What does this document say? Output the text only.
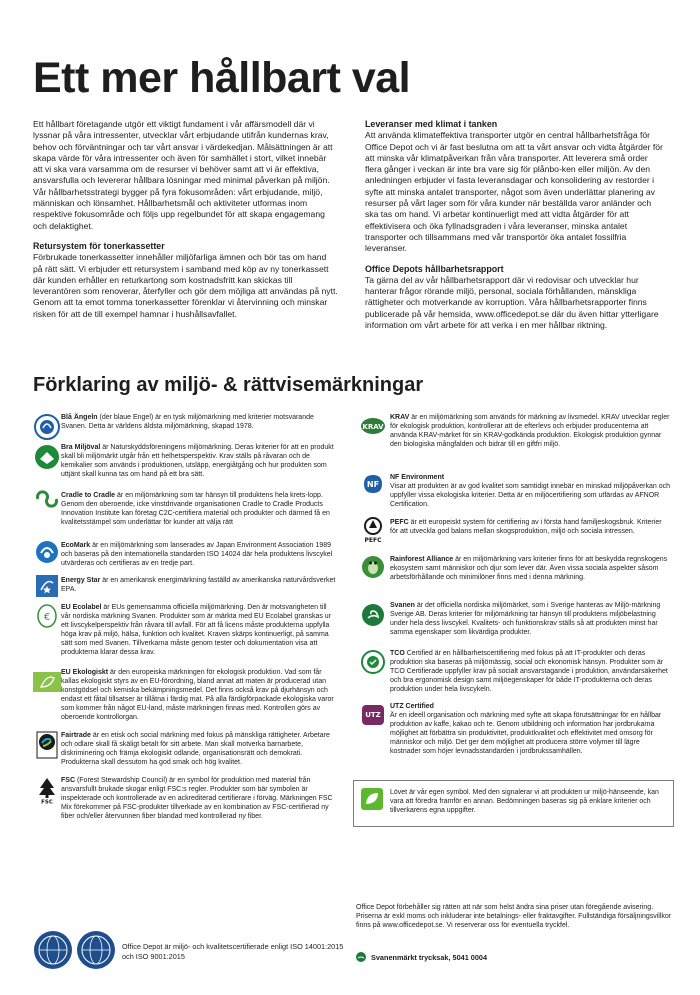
Ett mer hållbart val

Ett hållbart företagande utgör ett viktigt fundament i vår affärsmodell där vi lyssnar på våra intressenter, utvecklar vårt erbjudande utifrån kundernas krav, behov och förväntningar och tar vårt ansvar i värdekedjan. Målsättningen är att skapa värde för våra intressenter och även för samhället i stort, vilket innebär att vi ska vara varsamma om de resurser vi behöver samt att vi är effektiva, ansvarsfulla och levererar hållbara lösningar med minimal påverkan på miljön. Vår hållbarhetsstrategi bygger på fyra fokusområden: vårt erbjudande, miljö, människan och lönsamhet. Hållbarhetsmål och aktiviteter utformas inom respektive fokusområde och följs upp regelbundet för att skapa engagemang och delaktighet.

Retursystem för tonerkassetter

Förbrukade tonerkassetter innehåller miljöfarliga ämnen och bör tas om hand på rätt sätt. Vi erbjuder ett retursystem i samband med köp av ny tonerkassett där kunden erhåller en returkartong som kostnadsfritt kan skickas till leverantören som renoverar, återfyller och gör dem möjliga att användas på nytt. Genom att ta emot tomma tonerkassetter förenklar vi återvinning och minskar risken för att de till exempel hamnar i hushållsavfallet.

Leveranser med klimat i tanken

Att använda klimateffektiva transporter utgör en central hållbarhetsfråga för Office Depot och vi är fast beslutna om att ta vårt ansvar och vidta åtgärder för att minska vår klimatpåverkan från våra transporter. Att leverera små order flera gånger i veckan är inte bra vare sig för plånbo-ken eller miljön. Av den anledningen erbjuder vi fasta leveransdagar och konsolidering av restorder i syfte att minska antalet transporter, något som även underlättar planering av resurser på vårt lager som för våra kunder när beställda varor anländer och ska tas om hand. Vi arbetar kontinuerligt med att vidta åtgärder för att effektivisera och öka fyllnadsgraden i våra leveranser, minska antalet transporter och tillsammans med vår transportör öka antalet fossilfria leveranser.

Office Depots hållbarhetsrapport

Ta gärna del av vår hållbarhetsrapport där vi redovisar och utvecklar hur hanterar frågor rörande miljö, personal, sociala förhållanden, mänskliga rättigheter och motverkande av korruption. Våra hållbarhetsrapporter finns publicerade på vår hemsida, www.officedepot.se där du även hittar ytterligare information om vårt arbete för att verka i en mer hållbar riktning.

Förklaring av miljö- & rättvisemärkningar
Blå Ängeln (der blaue Engel) är en tysk miljömärkning med kriterier motsvarande Svanen. Detta är världens äldsta miljömärkning, skapad 1978.
Bra Miljöval är Naturskyddsföreningens miljömärkning. Deras kriterier för att en produkt skall bli miljömärkt utgår från ett helhetsperspektiv. Krav ställs på råvaran och de kemikalier som används i produktionen, utsläpp, energiåtgång och hur produkten som uttjänt skall kunna tas om hand på ett bra sätt.
Cradle to Cradle är en miljömärkning som tar hänsyn till produktens hela krets-lopp. Genom den oberoende, icke vinstdrivande organisationen Cradle to Cradle Products Innovation Institute kan företag C2C-certifiera material och produkter och därmed få en kvalitetsstämpel som underlättar för kunder att välja rätt
EcoMark är en miljömärkning som lanserades av Japan Environment Association 1989 och baseras på den internationella standarden ISO 14024 där hela produktens livscykel utvärderas och certifieras av en tredje part.
Energy Star är en amerikansk energimärkning faställd av amerikanska naturvårdsverket EPA.
€
EU Ecolabel är EUs gemensamma officiella miljömärkning. Den är motsvarigheten till vår nordiska märkning Svanen. Produkter som är märkta med EU Ecolabel granskas ur ett livscykelperspektiv från råvara till avfall. För att få licens måste produkterna uppfylla höga krav på miljö, hälsa, funktion och kvalitet. Kraven skärps kontinuerligt, på samma sätt som med Svanen. Tillverkarna måste genom tester och dokumentation visa att produkterna klarar dessa krav.
EU Ekologiskt är den europeiska märkningen för ekologisk produktion. Vad som får kallas ekologiskt styrs av en EU-förordning, bland annat att maten är producerad utan konstgödsel och kemiska bekämpningsmedel. Det finns också krav på djurhänsyn och endast ett fåtal tillsatser är tillåtna i färdig mat. På alla färdigförpackade ekologiska varor som kommer från något EU-land, måste märkningen finnas med. Kontrollen görs av oberoende kontrollorgan.
Fairtrade är en etisk och social märkning med fokus på mänskliga rättigheter. Arbetare och odlare skall få skäligt betalt för sitt arbete. Man skall motverka barnarbete, diskriminering och främja ekologiskt odlande, organisationsrätt och demokrati. Produkterna skall dessutom ha god smak och hög kvalitet.
FSC
FSC (Forest Stewardship Council) är en symbol för produktion med material från ansvarsfullt brukade skogar enligt FSC:s regler. Produkter som bär symbolen är inspekterade och kontrollerade av en ackrediterad certifierare i förväg. Märkningen FSC Mix förekommer på FSC-produkter tillverkade av en kombination av FSC-certifierad ny fiber och/eller återvunnen fiber blandad med kontrollerad ny fiber.
KRAV
KRAV är en miljömärkning som används för märkning av livsmedel. KRAV utvecklar regler för ekologisk produktion, kontrollerar att de efterlevs och erbjuder producenterna att använda KRAV-märket för sin KRAV-godkända produktion. Ekologisk produktion gynnar den biologiska mångfalden och bidrar till en giftfri miljö.
NF
NF Environment
Visar att produkten är av god kvalitet som samtidigt innebär en minskad miljöpåverkan och uppfyller vissa ekologiska kriterier. Detta är en miljöcertifiering som utfärdas av AFNOR Certification.
PEFC
PEFC är ett europeiskt system för certifiering av i första hand familjeskogsbruk. Kriterier för att utveckla god balans mellan skogsproduktion, miljö och sociala intressen.
Rainforest Alliance är en miljömärkning vars kriterier finns för att beskydda regnskogens ekosystem samt människor och djur som lever där. Även vissa sociala aspekter såsom arbetsförhållande och minimilöner finns med i denna märkning.
Svanen är det officiella nordiska miljömärket, som i Sverige hanteras av Miljö-märkning Sverige AB. Deras kriterier för miljömärkning tar hänsyn till produktens miljöbelastning under hela dess livscykel. Kvalitets- och funktionskrav ställs så att produkten minst har samma egenskaper som likvärdiga produkter.
TCO Certified är en hållbarhetscertifiering med fokus på att IT-produkter och deras produktion ska baseras på miljömässig, social och ekonomisk hänsyn. Produkter som är TCO Certifierade uppfyller krav på socialt ansvarstagande i produktion, användarsäkerhet och bra ergonomisk design samt miljöegenskaper för både IT-produkterna och deras produktion under hela livscykeln.
UTZ
UTZ Certified
Är en ideell organisation och märkning med syfte att skapa förutsättningar för en hållbar produktion av kaffe, kakao och te. Genom utbildning och information har jordbrukarna möjlighet att förbättra sin produktivitet, produktkvalitet och effektivitet med omsorg för människor och miljö. Det ger dem möjlighet att producera större volymer till lägre kostnader som höjer levnadsstandarden i jordbrukssamhällen.
Lövet är vår egen symbol. Med den signalerar vi att produkten ur miljö-hänseende, kan vara att föredra framför en annan. Bedömningen baseras sig på enklare kriterier och tillverkarens egna uppgifter.
Office Depot förbehåller sig rätten att när som helst ändra sina priser utan föregående avisering. Priserna är exkl moms och inkluderar inte betalnings- eller fraktavgifter. Fullständiga försäljningsvillkor finns på www.officedepot.se. Vi reserverar oss för eventuella tryckfel.
Svanenmärkt trycksak, 5041 0004
Office Depot är miljö- och kvalitetscertifierade enligt ISO 14001:2015 och ISO 9001:2015
